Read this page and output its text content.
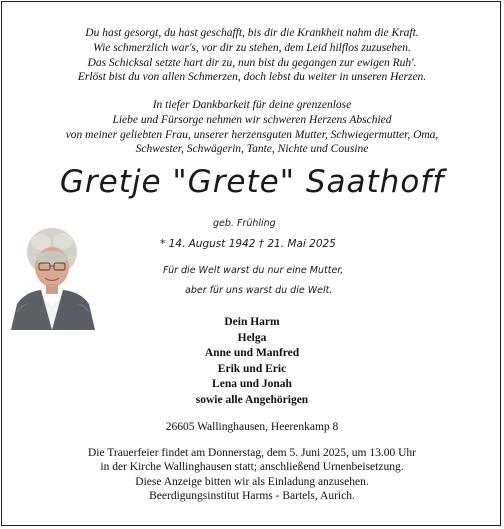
Du hast gesorgt, du hast geschafft, bis dir die Krankheit nahm die Kraft.
Wie schmerzlich war's, vor dir zu stehen, dem Leid hilflos zuzusehen.
Das Schicksal setzte hart dir zu, nun bist du gegangen zur ewigen Ruh'.
Erlöst bist du von allen Schmerzen, doch lebst du weiter in unseren Herzen.
In tiefer Dankbarkeit für deine grenzenlose
Liebe und Fürsorge nehmen wir schweren Herzens Abschied
von meiner geliebten Frau, unserer herzensguten Mutter, Schwiegermutter, Oma,
Schwester, Schwägerin, Tante, Nichte und Cousine
Gretje "Grete" Saathoff
geb. Frühling
* 14. August 1942 † 21. Mai 2025
Für die Welt warst du nur eine Mutter,
aber für uns warst du die Welt.
Dein Harm
Helga
Anne und Manfred
Erik und Eric
Lena und Jonah
sowie alle Angehörigen
26605 Wallinghausen, Heerenkamp 8
Die Trauerfeier findet am Donnerstag, dem 5. Juni 2025, um 13.00 Uhr
in der Kirche Wallinghausen statt; anschließend Urnenbeisetzung.
Diese Anzeige bitten wir als Einladung anzusehen.
Beerdigungsinstitut Harms - Bartels, Aurich.
